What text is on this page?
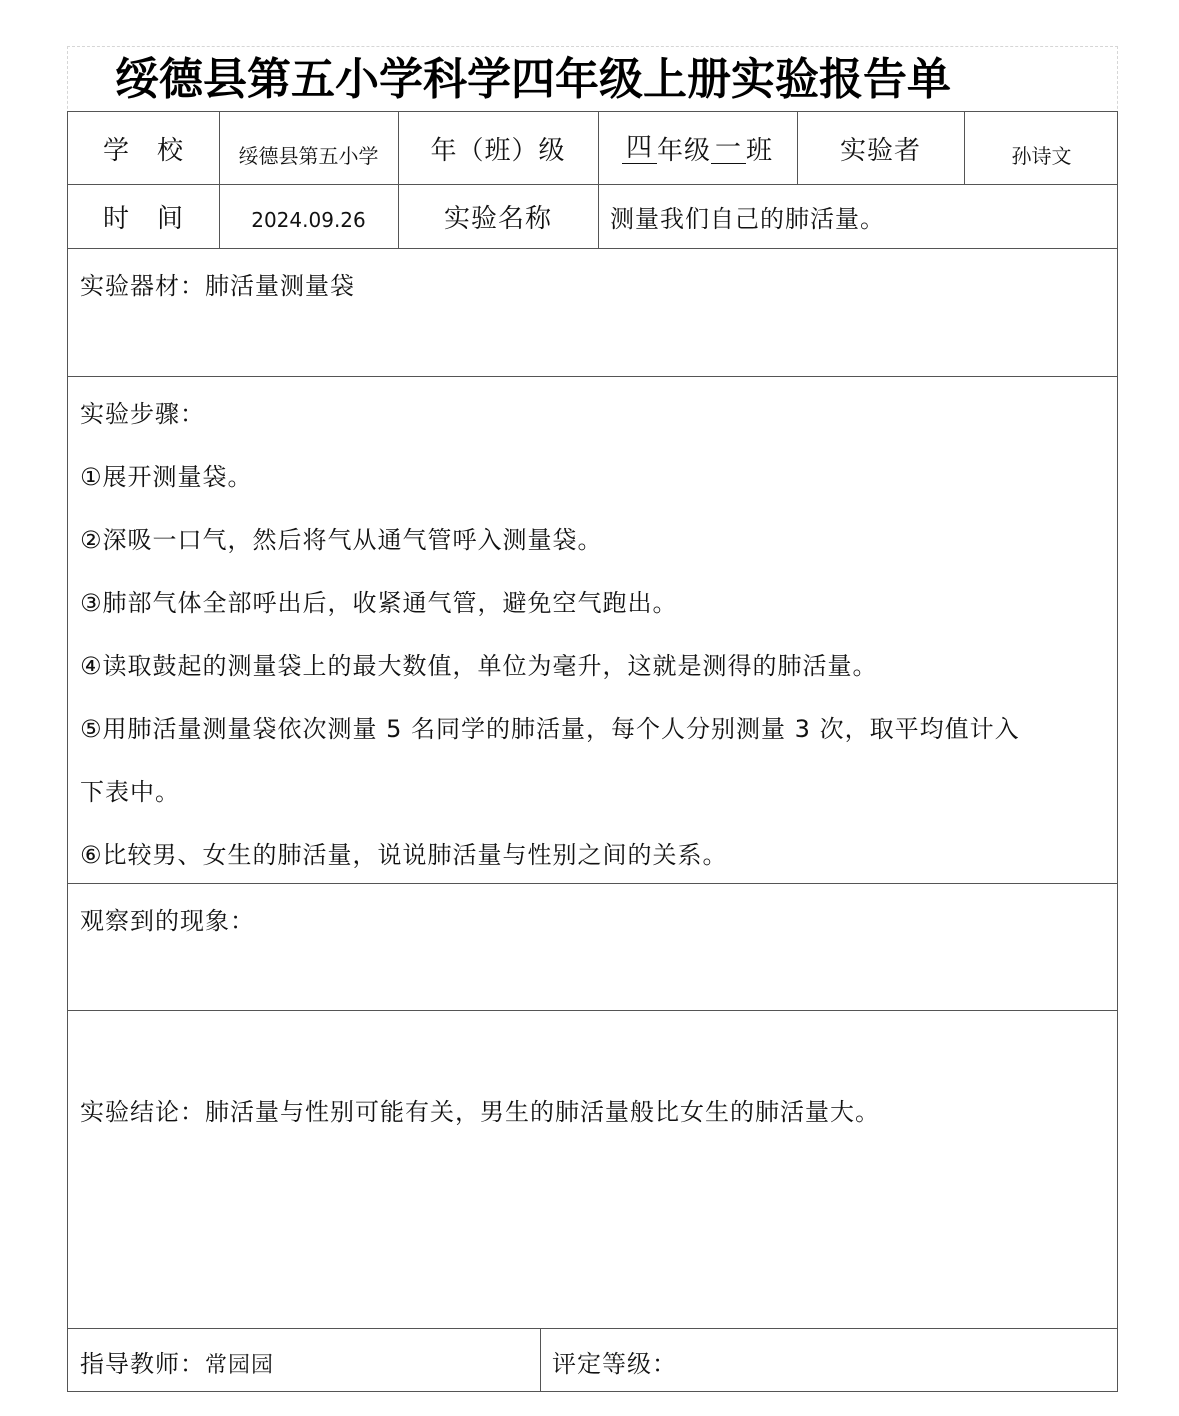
绥德县第五小学科学四年级上册实验报告单
学　校	绥德县第五小学	年（班）级	四 年级 一 班	实验者	孙诗文
时　间	2024.09.26	实验名称	测量我们自己的肺活量。
实验器材：肺活量测量袋
实验步骤：
①展开测量袋。
②深吸一口气，然后将气从通气管呼入测量袋。
③肺部气体全部呼出后，收紧通气管，避免空气跑出。
④读取鼓起的测量袋上的最大数值，单位为毫升，这就是测得的肺活量。
⑤用肺活量测量袋依次测量 5 名同学的肺活量，每个人分别测量 3 次，取平均值计入
下表中。
⑥比较男、女生的肺活量，说说肺活量与性别之间的关系。
观察到的现象：
实验结论：肺活量与性别可能有关，男生的肺活量般比女生的肺活量大。
指导教师：常园园	评定等级：
